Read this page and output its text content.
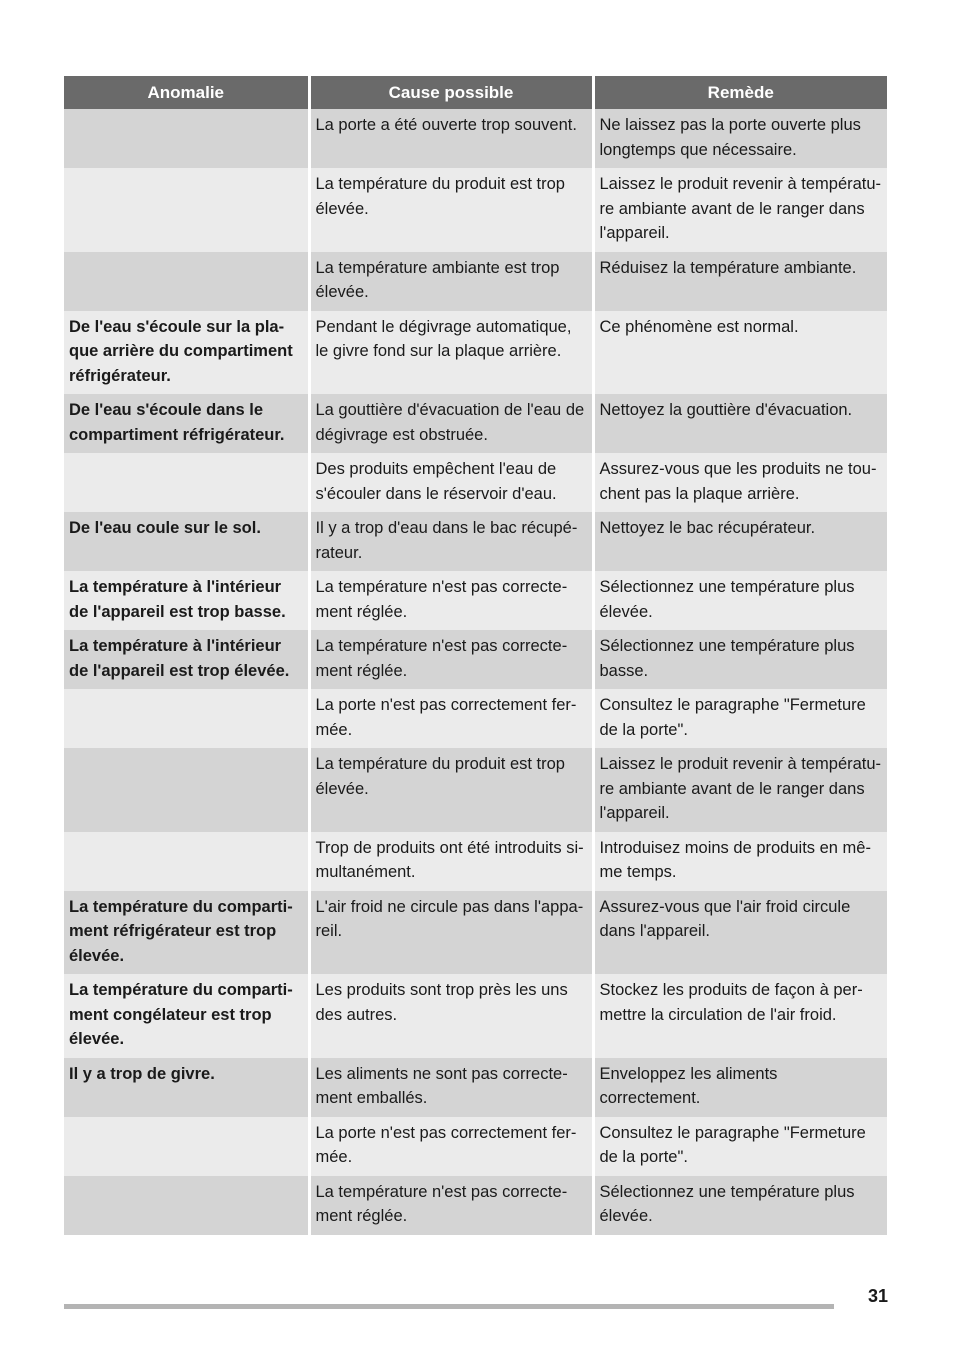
Anomalie	Cause possible	Remède
	La porte a été ouverte trop souvent.	Ne laissez pas la porte ouverte plus longtemps que nécessaire.
	La température du produit est trop élevée.	Laissez le produit revenir à températu-re ambiante avant de le ranger dans l'appareil.
	La température ambiante est trop élevée.	Réduisez la température ambiante.
De l'eau s'écoule sur la pla-que arrière du compartiment réfrigérateur.	Pendant le dégivrage automatique, le givre fond sur la plaque arrière.	Ce phénomène est normal.
De l'eau s'écoule dans le compartiment réfrigérateur.	La gouttière d'évacuation de l'eau de dégivrage est obstruée.	Nettoyez la gouttière d'évacuation.
	Des produits empêchent l'eau de s'écouler dans le réservoir d'eau.	Assurez-vous que les produits ne tou-chent pas la plaque arrière.
De l'eau coule sur le sol.	Il y a trop d'eau dans le bac récupé-rateur.	Nettoyez le bac récupérateur.
La température à l'intérieur de l'appareil est trop basse.	La température n'est pas correcte-ment réglée.	Sélectionnez une température plus élevée.
La température à l'intérieur de l'appareil est trop élevée.	La température n'est pas correcte-ment réglée.	Sélectionnez une température plus basse.
	La porte n'est pas correctement fer-mée.	Consultez le paragraphe "Fermeture de la porte".
	La température du produit est trop élevée.	Laissez le produit revenir à températu-re ambiante avant de le ranger dans l'appareil.
	Trop de produits ont été introduits si-multanément.	Introduisez moins de produits en mê-me temps.
La température du comparti-ment réfrigérateur est trop élevée.	L'air froid ne circule pas dans l'appa-reil.	Assurez-vous que l'air froid circule dans l'appareil.
La température du comparti-ment congélateur est trop élevée.	Les produits sont trop près les uns des autres.	Stockez les produits de façon à per-mettre la circulation de l'air froid.
Il y a trop de givre.	Les aliments ne sont pas correcte-ment emballés.	Enveloppez les aliments correctement.
	La porte n'est pas correctement fer-mée.	Consultez le paragraphe "Fermeture de la porte".
	La température n'est pas correcte-ment réglée.	Sélectionnez une température plus élevée.
31
